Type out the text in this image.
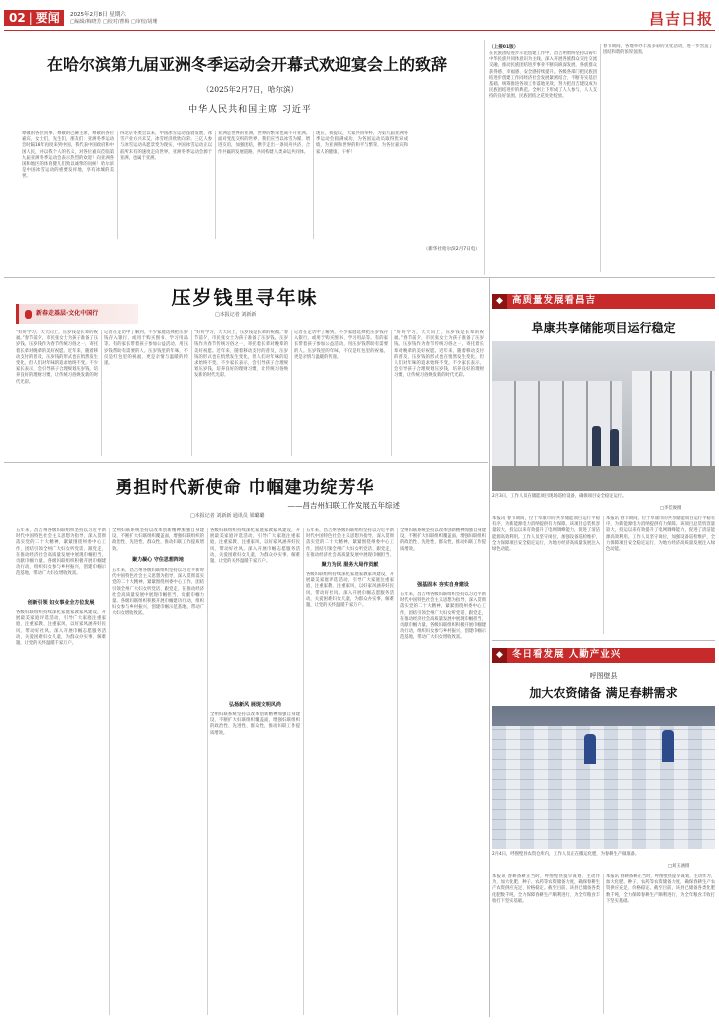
02 | 要闻 2025年2月8日 星期六
□编辑/梅晓芳 □校对/曹梅 □审校/胡珊	昌吉日报
在哈尔滨第九届亚洲冬季运动会开幕式欢迎宴会上的致辞
（2025年2月7日，哈尔滨）
中华人民共和国主席 习近平
尊敬的各位同事，尊敬的巴赫主席，尊敬的各位嘉宾，女士们，先生们，朋友们：亚洲冬季运动会时隔18年再度来到中国。我代表中国政府和中国人民，并以我个人的名义，对各位嘉宾莅临第九届亚洲冬季运动会表示热烈的欢迎！向亚洲各国和地区的体育健儿们致以诚挚的问候！哈尔滨是中国冰雪运动的重要发祥地，享有冰城的美誉。
得北京冬奥会以来，中国冰雪运动蓬勃发展，冰雪产业方兴未艾，冰雪经济欣欣向荣。三亿人参与冰雪运动从愿景变为现实，中国冰雪运动正以前所未有的速度走向世界。亚洲冬季运动会源于亚洲，也属于亚洲。
亚洲是世界的亚洲，世界的繁荣也离不开亚洲。面对变乱交织的世界，我们应当以冰雪为媒，增进友谊，加强团结，携手走出一条同舟共济、合作共赢的发展道路，共同构建人类命运共同体。
现在，我提议，大家共同举杯，为第九届亚洲冬季运动会圆满成功，为各国运动员取得优异成绩，为亚洲和世界的和平与繁荣，为各位嘉宾和家人的健康，干杯！
（新华社哈尔滨2月7日电）
（上接01版）
在民族团结进步示范创建工作中，昌吉州始终坚持以铸牢中华民族共同体意识为主线，深入开展各族群众交往交流交融，推动民族团结进步事业不断向纵深发展，各族群众获得感、幸福感、安全感持续提升。各级各部门把民族团结进步创建工作同经济社会发展紧密结合，不断夯实基层基础，统筹推进各项工作落地见效，努力把昌吉建设成为民族团结进步的典范。全州上下形成了人人参与、人人支持的良好氛围，民族团结之花处处绽放。
春节期间，各地举办丰富多彩的文化活动，进一步营造了团结和谐的浓厚氛围。
压岁钱里寻年味
□本报记者 刘新新
新春走基层·文化中国行
“好好学习，天天向上，压岁钱是长辈的祝福。”春节前夕，市民张女士为孩子准备了压岁钱。压岁钱作为春节传统习俗之一，寄托着长辈对晚辈的美好祝愿。近年来，随着移动支付的普及，压岁钱的形式也在悄然发生变化，但人们对年味的追求始终不变。不少家长表示，会引导孩子合理规划压岁钱，培养良好的理财习惯，让传统习俗焕发新的时代光彩。
记者在走访中了解到，不少家庭选择把压岁钱存入银行，或用于购买图书、学习用品等。有的家长带着孩子参加公益活动，用压岁钱帮助有需要的人。压岁钱里的年味，不仅是红包里的祝福，更是亲情与温暖的传递。
“好好学习，天天向上，压岁钱是长辈的祝福。”春节前夕，市民张女士为孩子准备了压岁钱。压岁钱作为春节传统习俗之一，寄托着长辈对晚辈的美好祝愿。近年来，随着移动支付的普及，压岁钱的形式也在悄然发生变化，但人们对年味的追求始终不变。不少家长表示，会引导孩子合理规划压岁钱，培养良好的理财习惯，让传统习俗焕发新的时代光彩。
记者在走访中了解到，不少家庭选择把压岁钱存入银行，或用于购买图书、学习用品等。有的家长带着孩子参加公益活动，用压岁钱帮助有需要的人。压岁钱里的年味，不仅是红包里的祝福，更是亲情与温暖的传递。
“好好学习，天天向上，压岁钱是长辈的祝福。”春节前夕，市民张女士为孩子准备了压岁钱。压岁钱作为春节传统习俗之一，寄托着长辈对晚辈的美好祝愿。近年来，随着移动支付的普及，压岁钱的形式也在悄然发生变化，但人们对年味的追求始终不变。不少家长表示，会引导孩子合理规划压岁钱，培养良好的理财习惯，让传统习俗焕发新的时代光彩。
勇担时代新使命 巾帼建功绽芳华
——昌吉州妇联工作发展五年综述
□本报记者 刘新新 通讯员 梁璐璐
五年来，昌吉州各级妇联组织坚持以习近平新时代中国特色社会主义思想为指导，深入贯彻落实党的二十大精神，紧紧围绕州委中心工作，团结引领全州广大妇女听党话、跟党走，在推动经济社会高质量发展中展现巾帼担当，贡献巾帼力量。各级妇联组织积极开展巾帼建功行动，组织妇女参与乡村振兴，创建巾帼示范基地，带动广大妇女增收致富。
创新引领 妇女事业全方位发展
各级妇联组织持续深化家庭家教家风建设，开展最美家庭评选活动，引导广大家庭注重家庭、注重家教、注重家风，以好家风涵养好民风、带动好社风。深入开展巾帼志愿服务活动，关爱困难妇女儿童，为群众办实事、解难题，让党的关怀温暖千家万户。
全州妇联系统坚持以改革创新精神加强自身建设，不断扩大妇联组织覆盖面，增强妇联组织的政治性、先进性、群众性，推动妇联工作提质增效。
聚力凝心 守住思想阵地
五年来，昌吉州各级妇联组织坚持以习近平新时代中国特色社会主义思想为指导，深入贯彻落实党的二十大精神，紧紧围绕州委中心工作，团结引领全州广大妇女听党话、跟党走，在推动经济社会高质量发展中展现巾帼担当，贡献巾帼力量。各级妇联组织积极开展巾帼建功行动，组织妇女参与乡村振兴，创建巾帼示范基地，带动广大妇女增收致富。
各级妇联组织持续深化家庭家教家风建设，开展最美家庭评选活动，引导广大家庭注重家庭、注重家教、注重家风，以好家风涵养好民风、带动好社风。深入开展巾帼志愿服务活动，关爱困难妇女儿童，为群众办实事、解难题，让党的关怀温暖千家万户。
弘扬新风 展现文明风尚
全州妇联系统坚持以改革创新精神加强自身建设，不断扩大妇联组织覆盖面，增强妇联组织的政治性、先进性、群众性，推动妇联工作提质增效。
五年来，昌吉州各级妇联组织坚持以习近平新时代中国特色社会主义思想为指导，深入贯彻落实党的二十大精神，紧紧围绕州委中心工作，团结引领全州广大妇女听党话、跟党走，在推动经济社会高质量发展中展现巾帼担当，
聚力为民 服务大局作贡献
各级妇联组织持续深化家庭家教家风建设，开展最美家庭评选活动，引导广大家庭注重家庭、注重家教、注重家风，以好家风涵养好民风、带动好社风。深入开展巾帼志愿服务活动，关爱困难妇女儿童，为群众办实事、解难题，让党的关怀温暖千家万户。
全州妇联系统坚持以改革创新精神加强自身建设，不断扩大妇联组织覆盖面，增强妇联组织的政治性、先进性、群众性，推动妇联工作提质增效。
强基固本 夯实自身建设
五年来，昌吉州各级妇联组织坚持以习近平新时代中国特色社会主义思想为指导，深入贯彻落实党的二十大精神，紧紧围绕州委中心工作，团结引领全州广大妇女听党话、跟党走，在推动经济社会高质量发展中展现巾帼担当，贡献巾帼力量。各级妇联组织积极开展巾帼建功行动，组织妇女参与乡村振兴，创建巾帼示范基地，带动广大妇女增收致富。
◆ 高质量发展看昌吉
阜康共享储能项目运行稳定
2月3日，工作人员在储能项目现场巡检设备，确保项目安全稳定运行。
□李佳俊摄
本报讯 春节期间，位于阜康市的共享储能项目运行平稳有序，为新能源电力消纳提供有力保障。该项目总装机容量较大，投运以来有效提升了电网调峰能力，促进了清洁能源高效利用。工作人员坚守岗位，加强设备巡检维护，全力保障项目安全稳定运行，为地方经济高质量发展注入绿色动能。
本报讯 春节期间，位于阜康市的共享储能项目运行平稳有序，为新能源电力消纳提供有力保障。该项目总装机容量较大，投运以来有效提升了电网调峰能力，促进了清洁能源高效利用。工作人员坚守岗位，加强设备巡检维护，全力保障项目安全稳定运行，为地方经济高质量发展注入绿色动能。
◆ 冬日看发展 人勤产业兴
呼图壁县
加大农资储备 满足春耕需求
2月4日，呼图壁县农资仓库内，工作人员正在搬运化肥，为春耕生产做准备。
□刘玉涵摄
本报讯 春耕备耕正当时，呼图壁县提早谋划、主动作为，加大化肥、种子、农药等农资储备力度，确保春耕生产农资供应充足、价格稳定。截至目前，该县已储备各类化肥数千吨，全力保障春耕生产顺利进行，为全年粮食丰收打下坚实基础。
本报讯 春耕备耕正当时，呼图壁县提早谋划、主动作为，加大化肥、种子、农药等农资储备力度，确保春耕生产农资供应充足、价格稳定。截至目前，该县已储备各类化肥数千吨，全力保障春耕生产顺利进行，为全年粮食丰收打下坚实基础。
